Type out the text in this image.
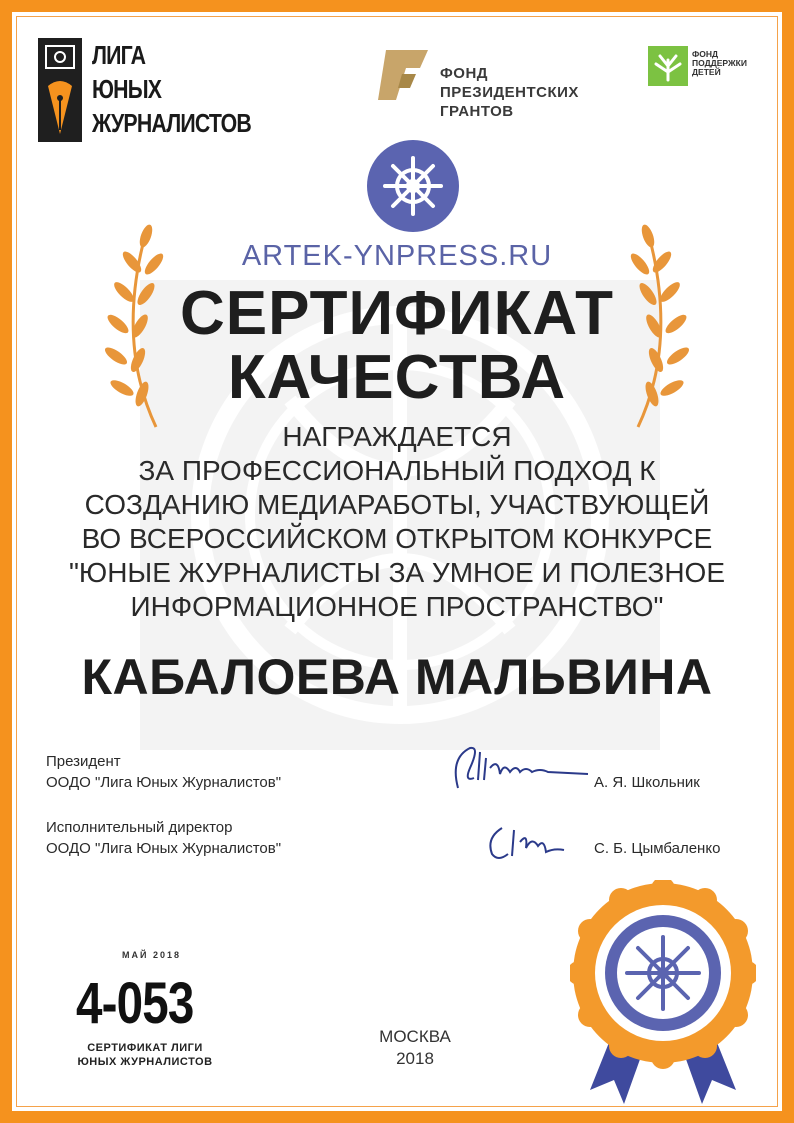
ЛИГА
ЮНЫХ
ЖУРНАЛИСТОВ
ФОНД
ПРЕЗИДЕНТСКИХ
ГРАНТОВ
ФОНД
ПОДДЕРЖКИ
ДЕТЕЙ
ARTEK-YNPRESS.RU
СЕРТИФИКАТ
КАЧЕСТВА
НАГРАЖДАЕТСЯ
ЗА ПРОФЕССИОНАЛЬНЫЙ ПОДХОД К
СОЗДАНИЮ МЕДИАРАБОТЫ, УЧАСТВУЮЩЕЙ
ВО ВСЕРОССИЙСКОМ ОТКРЫТОМ КОНКУРСЕ
"ЮНЫЕ ЖУРНАЛИСТЫ ЗА УМНОЕ И ПОЛЕЗНОЕ
ИНФОРМАЦИОННОЕ ПРОСТРАНСТВО"
КАБАЛОЕВА МАЛЬВИНА
Президент
ООДО "Лига Юных Журналистов"	А. Я. Школьник
Исполнительный директор
ООДО "Лига Юных Журналистов"	С. Б. Цымбаленко
МАЙ 2018
4-053
СЕРТИФИКАТ ЛИГИ
ЮНЫХ ЖУРНАЛИСТОВ
МОСКВА
2018
